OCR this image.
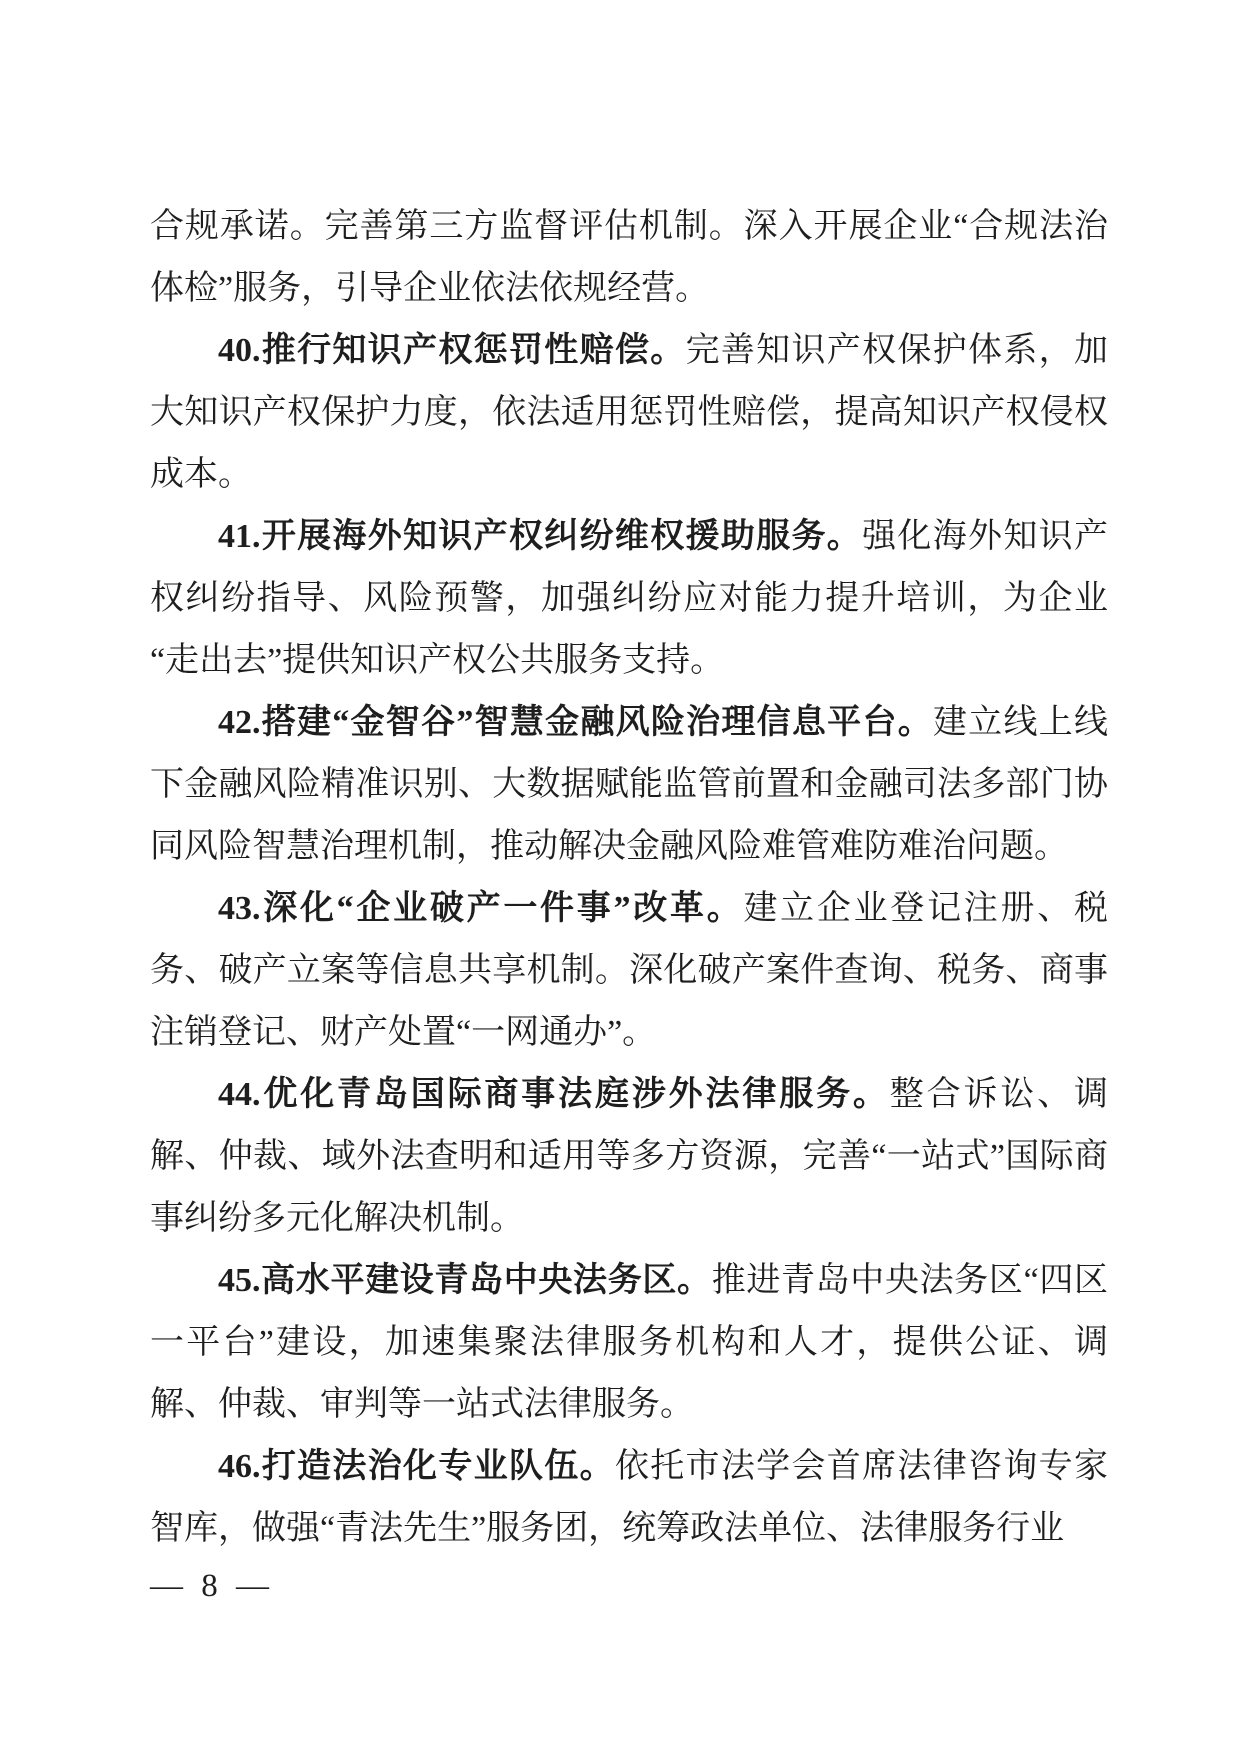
合规承诺。完善第三方监督评估机制。深入开展企业“合规法治体检”服务，引导企业依法依规经营。

40.推行知识产权惩罚性赔偿。完善知识产权保护体系，加大知识产权保护力度，依法适用惩罚性赔偿，提高知识产权侵权成本。

41.开展海外知识产权纠纷维权援助服务。强化海外知识产权纠纷指导、风险预警，加强纠纷应对能力提升培训，为企业“走出去”提供知识产权公共服务支持。

42.搭建“金智谷”智慧金融风险治理信息平台。建立线上线下金融风险精准识别、大数据赋能监管前置和金融司法多部门协同风险智慧治理机制，推动解决金融风险难管难防难治问题。

43.深化“企业破产一件事”改革。建立企业登记注册、税务、破产立案等信息共享机制。深化破产案件查询、税务、商事注销登记、财产处置“一网通办”。

44.优化青岛国际商事法庭涉外法律服务。整合诉讼、调解、仲裁、域外法查明和适用等多方资源，完善“一站式”国际商事纠纷多元化解决机制。

45.高水平建设青岛中央法务区。推进青岛中央法务区“四区一平台”建设，加速集聚法律服务机构和人才，提供公证、调解、仲裁、审判等一站式法律服务。

46.打造法治化专业队伍。依托市法学会首席法律咨询专家智库，做强“青法先生”服务团，统筹政法单位、法律服务行业

— 8 —
